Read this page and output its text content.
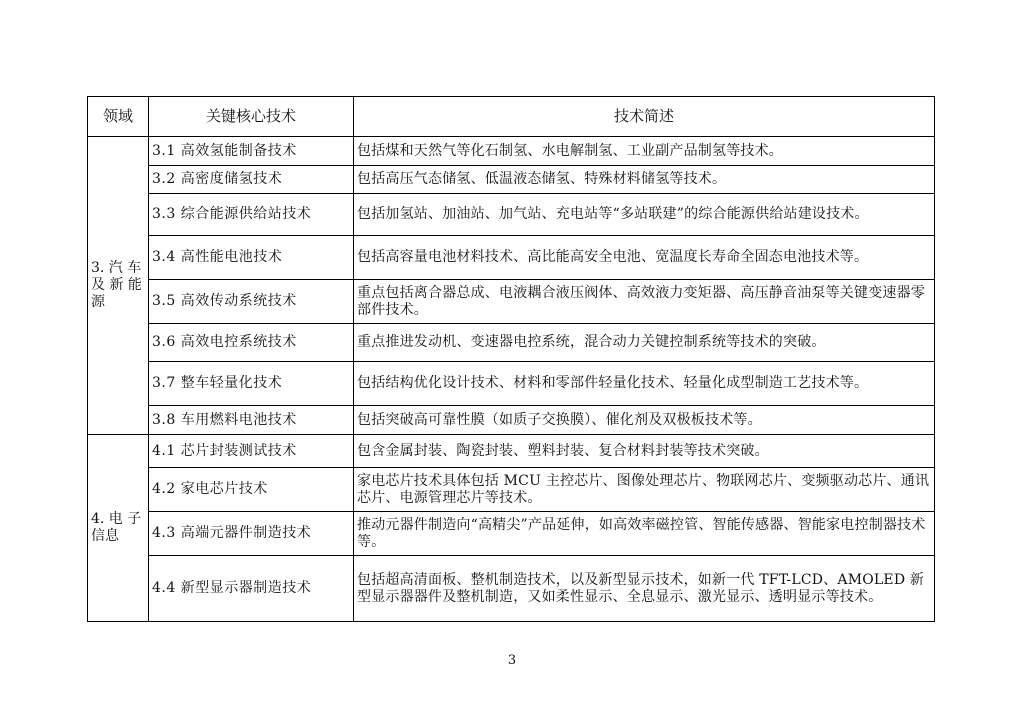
领域	关键核心技术	技术简述
3. 汽 车 及 新 能 源	3.1 高效氢能制备技术	包括煤和天然气等化石制氢、水电解制氢、工业副产品制氢等技术。
	3.2 高密度储氢技术	包括高压气态储氢、低温液态储氢、特殊材料储氢等技术。
	3.3 综合能源供给站技术	包括加氢站、加油站、加气站、充电站等“多站联建”的综合能源供给站建设技术。
	3.4 高性能电池技术	包括高容量电池材料技术、高比能高安全电池、宽温度长寿命全固态电池技术等。
	3.5 高效传动系统技术	重点包括离合器总成、电液耦合液压阀体、高效液力变矩器、高压静音油泵等关键变速器零部件技术。
	3.6 高效电控系统技术	重点推进发动机、变速器电控系统，混合动力关键控制系统等技术的突破。
	3.7 整车轻量化技术	包括结构优化设计技术、材料和零部件轻量化技术、轻量化成型制造工艺技术等。
	3.8 车用燃料电池技术	包括突破高可靠性膜（如质子交换膜）、催化剂及双极板技术等。
4. 电 子 信息	4.1 芯片封装测试技术	包含金属封装、陶瓷封装、塑料封装、复合材料封装等技术突破。
	4.2 家电芯片技术	家电芯片技术具体包括 MCU 主控芯片、图像处理芯片、物联网芯片、变频驱动芯片、通讯芯片、电源管理芯片等技术。
	4.3 高端元器件制造技术	推动元器件制造向“高精尖”产品延伸，如高效率磁控管、智能传感器、智能家电控制器技术等。
	4.4 新型显示器制造技术	包括超高清面板、整机制造技术，以及新型显示技术，如新一代 TFT-LCD、AMOLED 新型显示器器件及整机制造，又如柔性显示、全息显示、激光显示、透明显示等技术。
3
